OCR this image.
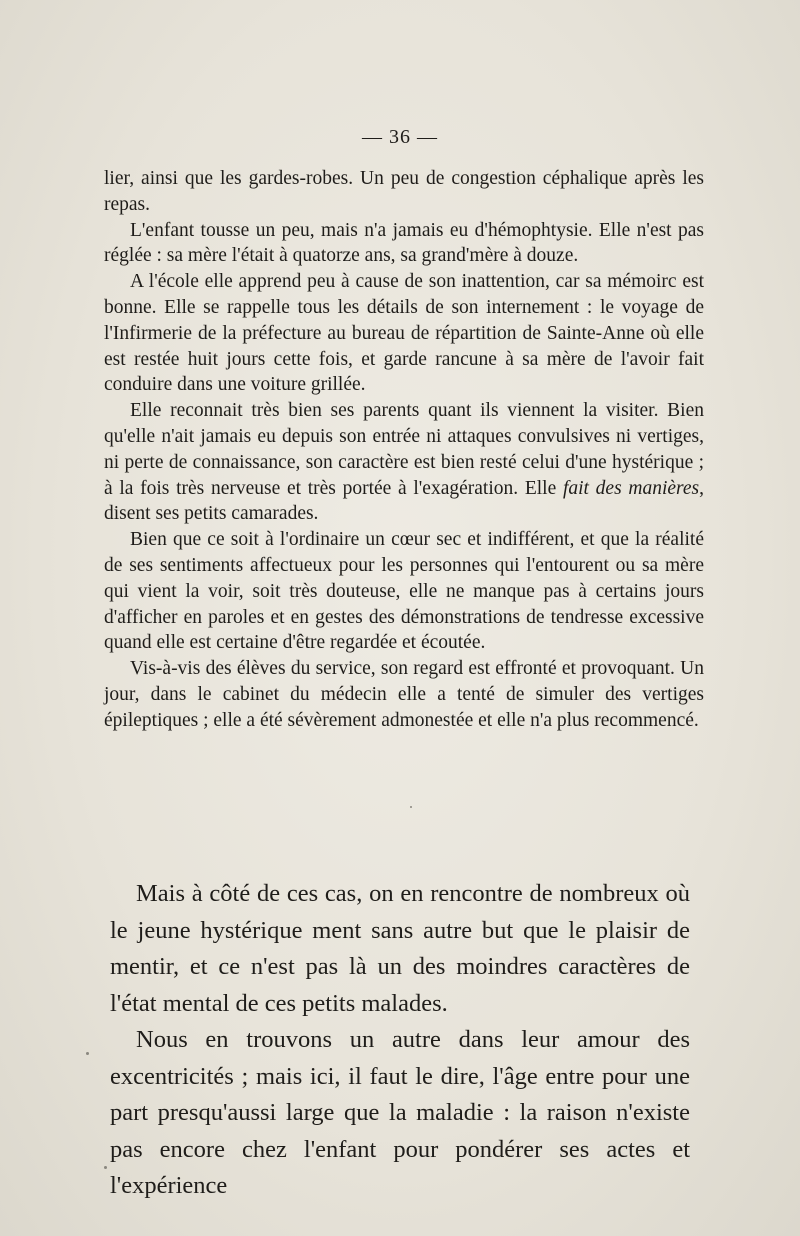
— 36 —

lier, ainsi que les gardes-robes. Un peu de congestion céphalique après les repas.

L'enfant tousse un peu, mais n'a jamais eu d'hémophtysie. Elle n'est pas réglée : sa mère l'était à quatorze ans, sa grand'mère à douze.

A l'école elle apprend peu à cause de son inattention, car sa mémoirc est bonne. Elle se rappelle tous les détails de son internement : le voyage de l'Infirmerie de la préfecture au bureau de répartition de Sainte-Anne où elle est restée huit jours cette fois, et garde rancune à sa mère de l'avoir fait conduire dans une voiture grillée.

Elle reconnait très bien ses parents quant ils viennent la visiter. Bien qu'elle n'ait jamais eu depuis son entrée ni attaques convulsives ni vertiges, ni perte de connaissance, son caractère est bien resté celui d'une hystérique ; à la fois très nerveuse et très portée à l'exagération. Elle fait des manières, disent ses petits camarades.

Bien que ce soit à l'ordinaire un cœur sec et indifférent, et que la réalité de ses sentiments affectueux pour les personnes qui l'entourent ou sa mère qui vient la voir, soit très douteuse, elle ne manque pas à certains jours d'afficher en paroles et en gestes des démonstrations de tendresse excessive quand elle est certaine d'être regardée et écoutée.

Vis-à-vis des élèves du service, son regard est effronté et provoquant. Un jour, dans le cabinet du médecin elle a tenté de simuler des vertiges épileptiques ; elle a été sévèrement admonestée et elle n'a plus recommencé.

Mais à côté de ces cas, on en rencontre de nombreux où le jeune hystérique ment sans autre but que le plaisir de mentir, et ce n'est pas là un des moindres caractères de l'état mental de ces petits malades.

Nous en trouvons un autre dans leur amour des excentricités ; mais ici, il faut le dire, l'âge entre pour une part presqu'aussi large que la maladie : la raison n'existe pas encore chez l'enfant pour pondérer ses actes et l'expérience
